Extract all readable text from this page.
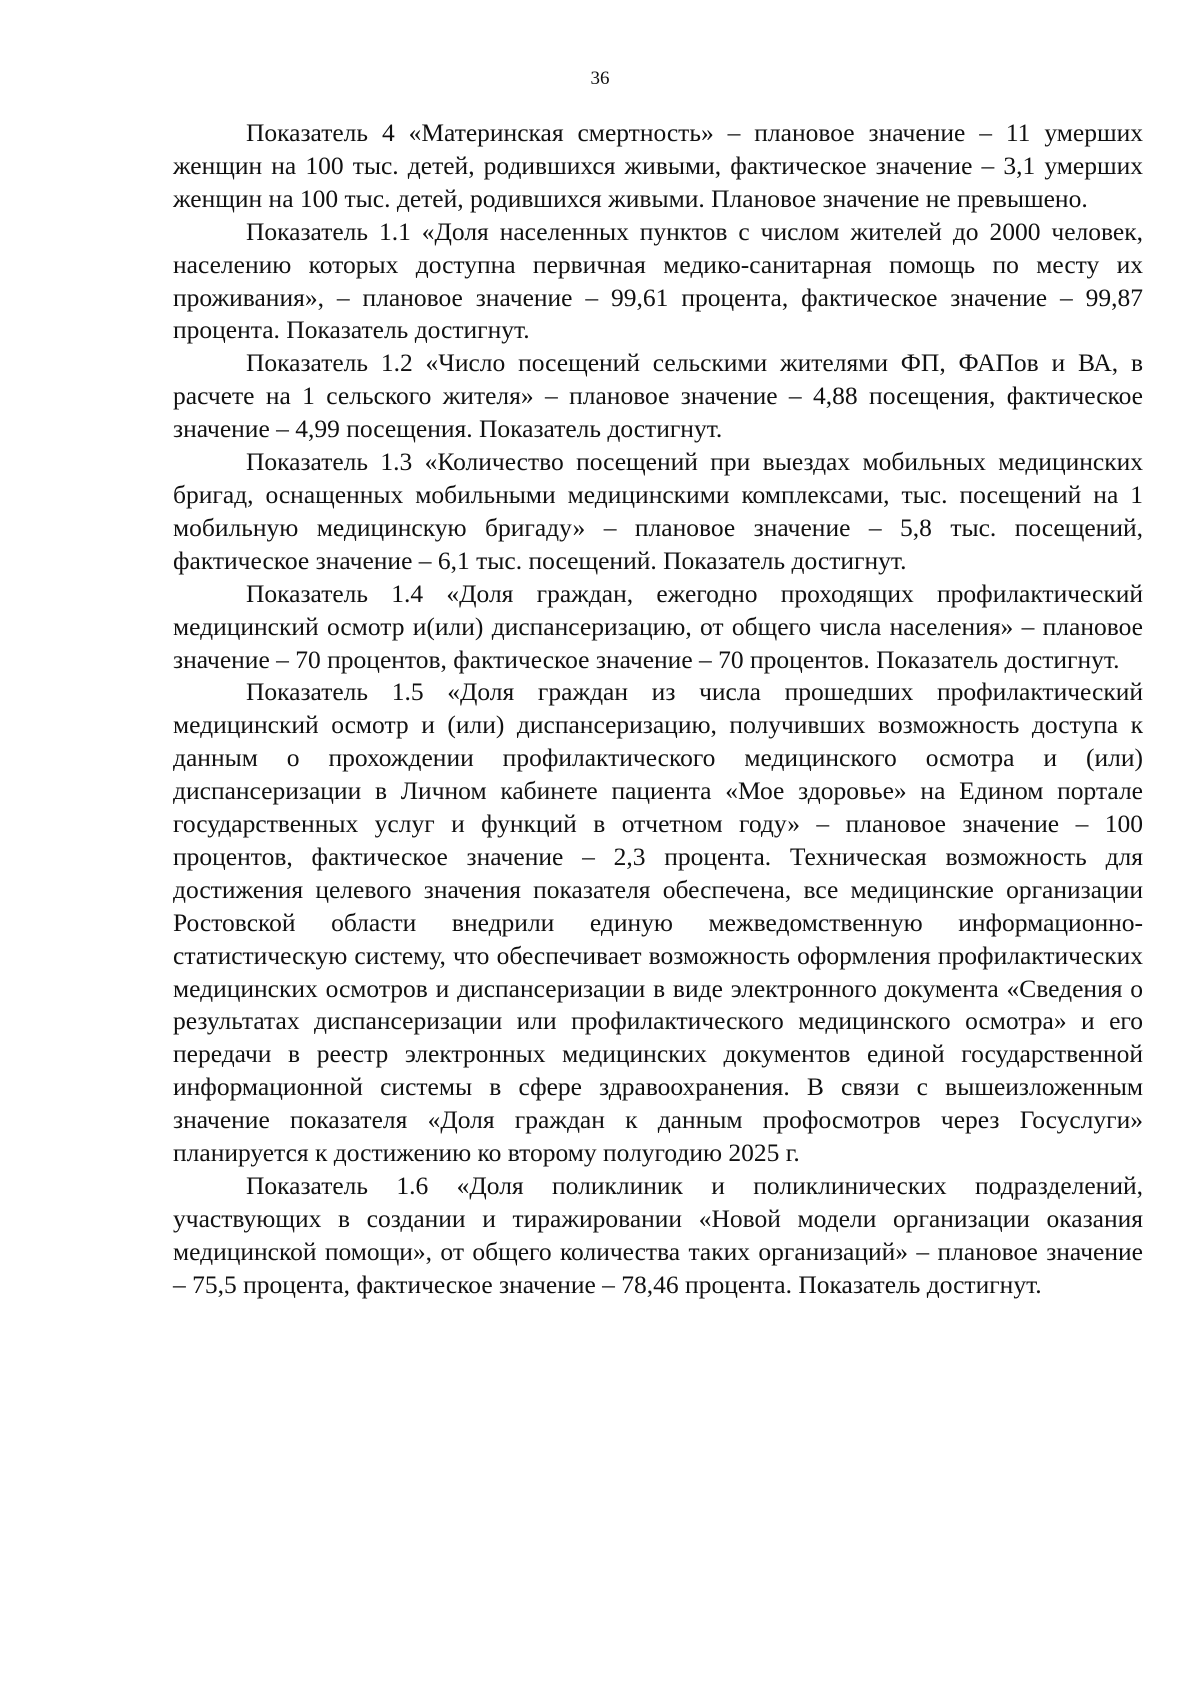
36

Показатель 4 «Материнская смертность» – плановое значение – 11 умерших женщин на 100 тыс. детей, родившихся живыми, фактическое значение – 3,1 умерших женщин на 100 тыс. детей, родившихся живыми. Плановое значение не превышено.

Показатель 1.1 «Доля населенных пунктов с числом жителей до 2000 человек, населению которых доступна первичная медико-санитарная помощь по месту их проживания», – плановое значение – 99,61 процента, фактическое значение – 99,87 процента. Показатель достигнут.

Показатель 1.2 «Число посещений сельскими жителями ФП, ФАПов и ВА, в расчете на 1 сельского жителя» – плановое значение – 4,88 посещения, фактическое значение – 4,99 посещения. Показатель достигнут.

Показатель 1.3 «Количество посещений при выездах мобильных медицинских бригад, оснащенных мобильными медицинскими комплексами, тыс. посещений на 1 мобильную медицинскую бригаду» – плановое значение – 5,8 тыс. посещений, фактическое значение – 6,1 тыс. посещений. Показатель достигнут.

Показатель 1.4 «Доля граждан, ежегодно проходящих профилактический медицинский осмотр и(или) диспансеризацию, от общего числа населения» – плановое значение – 70 процентов, фактическое значение – 70 процентов. Показатель достигнут.

Показатель 1.5 «Доля граждан из числа прошедших профилактический медицинский осмотр и (или) диспансеризацию, получивших возможность доступа к данным о прохождении профилактического медицинского осмотра и (или) диспансеризации в Личном кабинете пациента «Мое здоровье» на Едином портале государственных услуг и функций в отчетном году» – плановое значение – 100 процентов, фактическое значение – 2,3 процента. Техническая возможность для достижения целевого значения показателя обеспечена, все медицинские организации Ростовской области внедрили единую межведомственную информационно-статистическую систему, что обеспечивает возможность оформления профилактических медицинских осмотров и диспансеризации в виде электронного документа «Сведения о результатах диспансеризации или профилактического медицинского осмотра» и его передачи в реестр электронных медицинских документов единой государственной информационной системы в сфере здравоохранения. В связи с вышеизложенным значение показателя «Доля граждан к данным профосмотров через Госуслуги» планируется к достижению ко второму полугодию 2025 г.

Показатель 1.6 «Доля поликлиник и поликлинических подразделений, участвующих в создании и тиражировании «Новой модели организации оказания медицинской помощи», от общего количества таких организаций» – плановое значение – 75,5 процента, фактическое значение – 78,46 процента. Показатель достигнут.
